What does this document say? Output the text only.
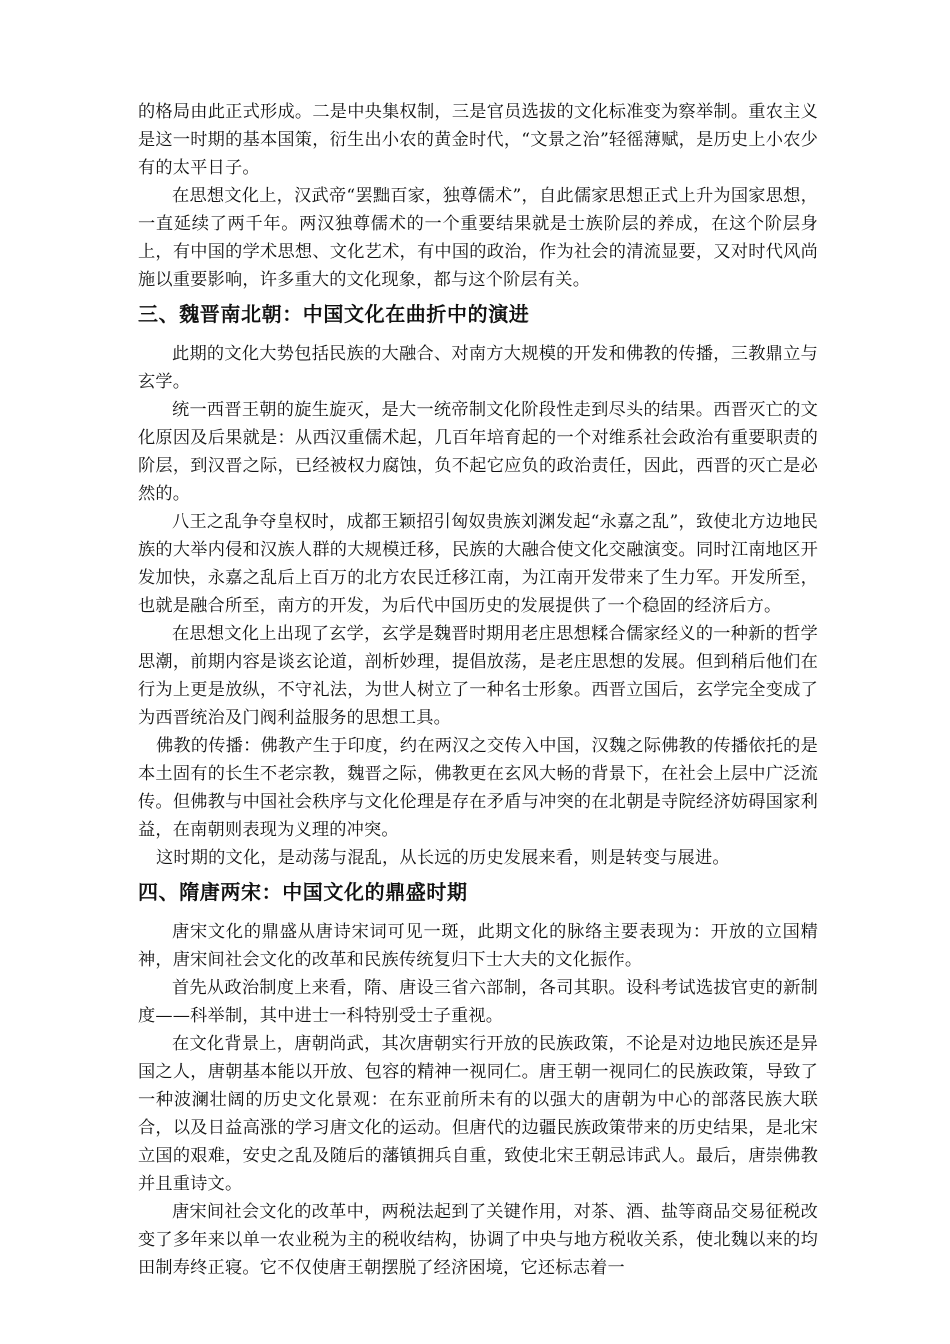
的格局由此正式形成。二是中央集权制，三是官员选拔的文化标准变为察举制。重农主义是这一时期的基本国策，衍生出小农的黄金时代，“文景之治”轻徭薄赋，是历史上小农少有的太平日子。

在思想文化上，汉武帝“罢黜百家，独尊儒术”，自此儒家思想正式上升为国家思想，一直延续了两千年。两汉独尊儒术的一个重要结果就是士族阶层的养成，在这个阶层身上，有中国的学术思想、文化艺术，有中国的政治，作为社会的清流显要，又对时代风尚施以重要影响，许多重大的文化现象，都与这个阶层有关。

三、魏晋南北朝：中国文化在曲折中的演进

此期的文化大势包括民族的大融合、对南方大规模的开发和佛教的传播，三教鼎立与玄学。

统一西晋王朝的旋生旋灭，是大一统帝制文化阶段性走到尽头的结果。西晋灭亡的文化原因及后果就是：从西汉重儒术起，几百年培育起的一个对维系社会政治有重要职责的阶层，到汉晋之际，已经被权力腐蚀，负不起它应负的政治责任，因此，西晋的灭亡是必然的。

八王之乱争夺皇权时，成都王颖招引匈奴贵族刘渊发起“永嘉之乱”，致使北方边地民族的大举内侵和汉族人群的大规模迁移，民族的大融合使文化交融演变。同时江南地区开发加快，永嘉之乱后上百万的北方农民迁移江南，为江南开发带来了生力军。开发所至，也就是融合所至，南方的开发，为后代中国历史的发展提供了一个稳固的经济后方。

在思想文化上出现了玄学，玄学是魏晋时期用老庄思想糅合儒家经义的一种新的哲学思潮，前期内容是谈玄论道，剖析妙理，提倡放荡，是老庄思想的发展。但到稍后他们在行为上更是放纵，不守礼法，为世人树立了一种名士形象。西晋立国后，玄学完全变成了为西晋统治及门阀利益服务的思想工具。

佛教的传播：佛教产生于印度，约在两汉之交传入中国，汉魏之际佛教的传播依托的是本土固有的长生不老宗教，魏晋之际，佛教更在玄风大畅的背景下，在社会上层中广泛流传。但佛教与中国社会秩序与文化伦理是存在矛盾与冲突的在北朝是寺院经济妨碍国家利益，在南朝则表现为义理的冲突。

这时期的文化，是动荡与混乱，从长远的历史发展来看，则是转变与展进。

四、隋唐两宋：中国文化的鼎盛时期

唐宋文化的鼎盛从唐诗宋词可见一斑，此期文化的脉络主要表现为：开放的立国精神，唐宋间社会文化的改革和民族传统复归下士大夫的文化振作。

首先从政治制度上来看，隋、唐设三省六部制，各司其职。设科考试选拔官吏的新制度——科举制，其中进士一科特别受士子重视。

在文化背景上，唐朝尚武，其次唐朝实行开放的民族政策，不论是对边地民族还是异国之人，唐朝基本能以开放、包容的精神一视同仁。唐王朝一视同仁的民族政策，导致了一种波澜壮阔的历史文化景观：在东亚前所未有的以强大的唐朝为中心的部落民族大联合，以及日益高涨的学习唐文化的运动。但唐代的边疆民族政策带来的历史结果，是北宋立国的艰难，安史之乱及随后的藩镇拥兵自重，致使北宋王朝忌讳武人。最后，唐崇佛教并且重诗文。

唐宋间社会文化的改革中，两税法起到了关键作用，对茶、酒、盐等商品交易征税改变了多年来以单一农业税为主的税收结构，协调了中央与地方税收关系，使北魏以来的均田制寿终正寝。它不仅使唐王朝摆脱了经济困境，它还标志着一
